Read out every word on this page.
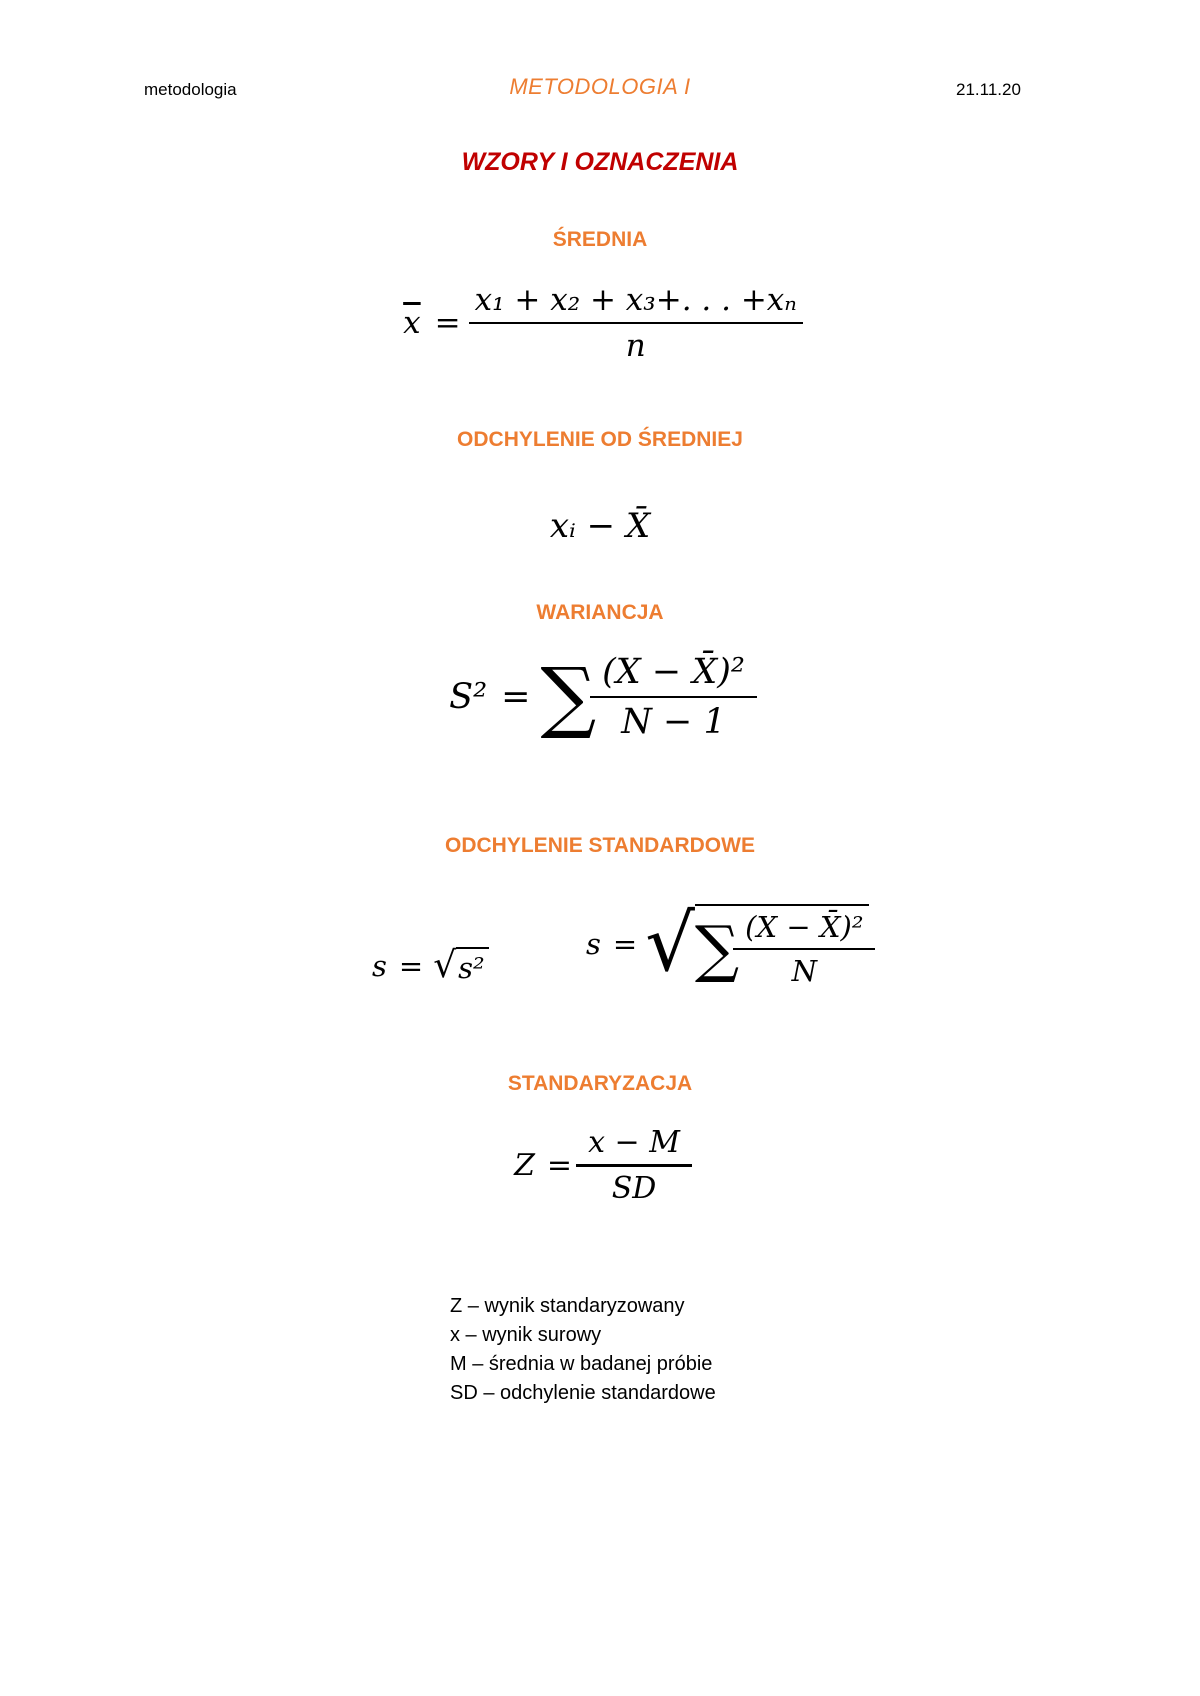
metodologia	METODOLOGIA I	21.11.20
WZORY I OZNACZENIA
ŚREDNIA
$\overline{x} = \frac{\text{x₁ + x₂ + x₃+. . . +xₙ}}{n}$
ODCHYLENIE OD ŚREDNIEJ
xᵢ − X̄
WARIANCJA
S² = ∑ $\frac{\text{(X − X̄)²}}{N - 1}$
ODCHYLENIE STANDARDOWE
s = √ s²
s = √ ∑ $\frac{\text{(X − X̄)²}}{N}$
STANDARYZACJA
$Z = \frac{x - M}{SD}$
Z – wynik standaryzowany
x – wynik surowy
M – średnia w badanej próbie
SD – odchylenie standardowe
